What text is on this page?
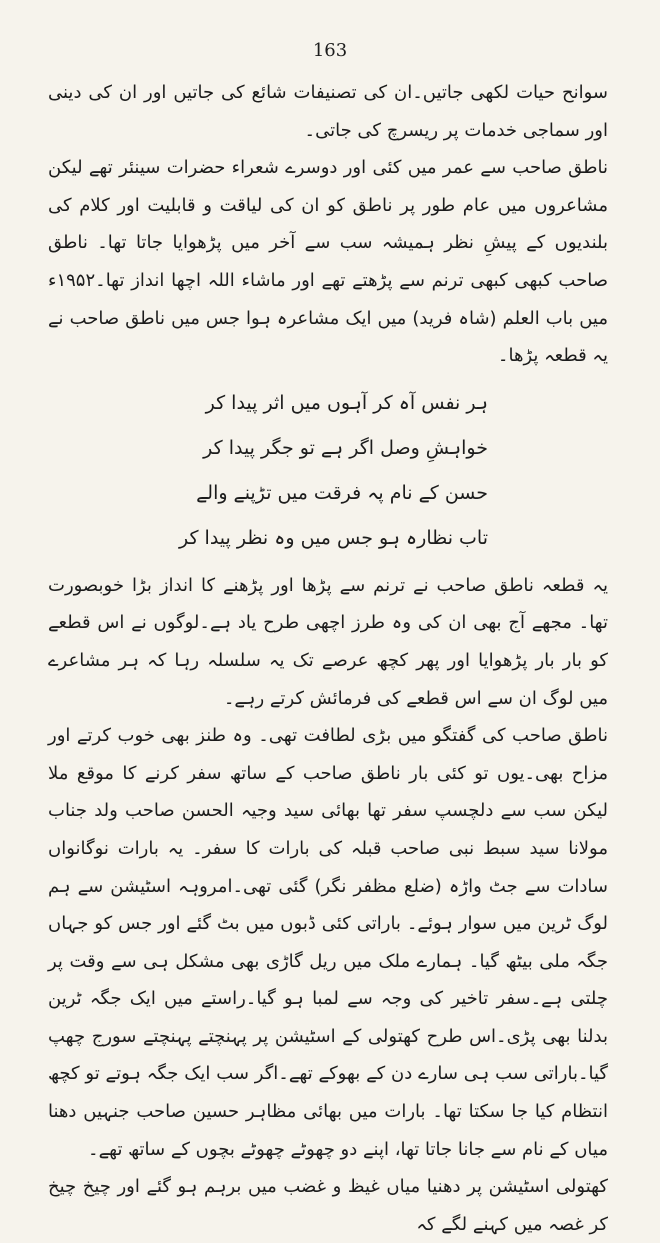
163

سوانح حیات لکھی جاتیں۔ان کی تصنیفات شائع کی جاتیں اور ان کی دینی اور سماجی خدمات پر ریسرچ کی جاتی۔

ناطق صاحب سے عمر میں کئی اور دوسرے شعراء حضرات سینئر تھے لیکن مشاعروں میں عام طور پر ناطق کو ان کی لیاقت و قابلیت اور کلام کی بلندیوں کے پیشِ نظر ہمیشہ سب سے آخر میں پڑھوایا جاتا تھا۔ ناطق صاحب کبھی کبھی ترنم سے پڑھتے تھے اور ماشاء اللہ اچھا انداز تھا۔۱۹۵۲ء میں باب العلم (شاہ فرید) میں ایک مشاعرہ ہوا جس میں ناطق صاحب نے یہ قطعہ پڑھا۔

ہر نفس آہ کر آہوں میں اثر پیدا کر

خواہشِ وصل اگر ہے تو جگر پیدا کر

حسن کے نام پہ فرقت میں تڑپنے والے

تاب نظارہ ہو جس میں وہ نظر پیدا کر

یہ قطعہ ناطق صاحب نے ترنم سے پڑھا اور پڑھنے کا انداز بڑا خوبصورت تھا۔ مجھے آج بھی ان کی وہ طرز اچھی طرح یاد ہے۔لوگوں نے اس قطعے کو بار بار پڑھوایا اور پھر کچھ عرصے تک یہ سلسلہ رہا کہ ہر مشاعرے میں لوگ ان سے اس قطعے کی فرمائش کرتے رہے۔

ناطق صاحب کی گفتگو میں بڑی لطافت تھی۔ وہ طنز بھی خوب کرتے اور مزاح بھی۔یوں تو کئی بار ناطق صاحب کے ساتھ سفر کرنے کا موقع ملا لیکن سب سے دلچسپ سفر تھا بھائی سید وجیہ الحسن صاحب ولد جناب مولانا سید سبط نبی صاحب قبلہ کی بارات کا سفر۔ یہ بارات نوگانواں سادات سے جٹ واڑہ (ضلع مظفر نگر) گئی تھی۔امروہہ اسٹیشن سے ہم لوگ ٹرین میں سوار ہوئے۔ باراتی کئی ڈبوں میں بٹ گئے اور جس کو جہاں جگہ ملی بیٹھ گیا۔ ہمارے ملک میں ریل گاڑی بھی مشکل ہی سے وقت پر چلتی ہے۔سفر تاخیر کی وجہ سے لمبا ہو گیا۔راستے میں ایک جگہ ٹرین بدلنا بھی پڑی۔اس طرح کھتولی کے اسٹیشن پر پہنچتے پہنچتے سورج چھپ گیا۔باراتی سب ہی سارے دن کے بھوکے تھے۔اگر سب ایک جگہ ہوتے تو کچھ انتظام کیا جا سکتا تھا۔ بارات میں بھائی مظاہر حسین صاحب جنہیں دھنا میاں کے نام سے جانا جاتا تھا، اپنے دو چھوٹے چھوٹے بچوں کے ساتھ تھے۔

کھتولی اسٹیشن پر دھنیا میاں غیظ و غضب میں برہم ہو گئے اور چیخ چیخ کر غصہ میں کہنے لگے کہ
